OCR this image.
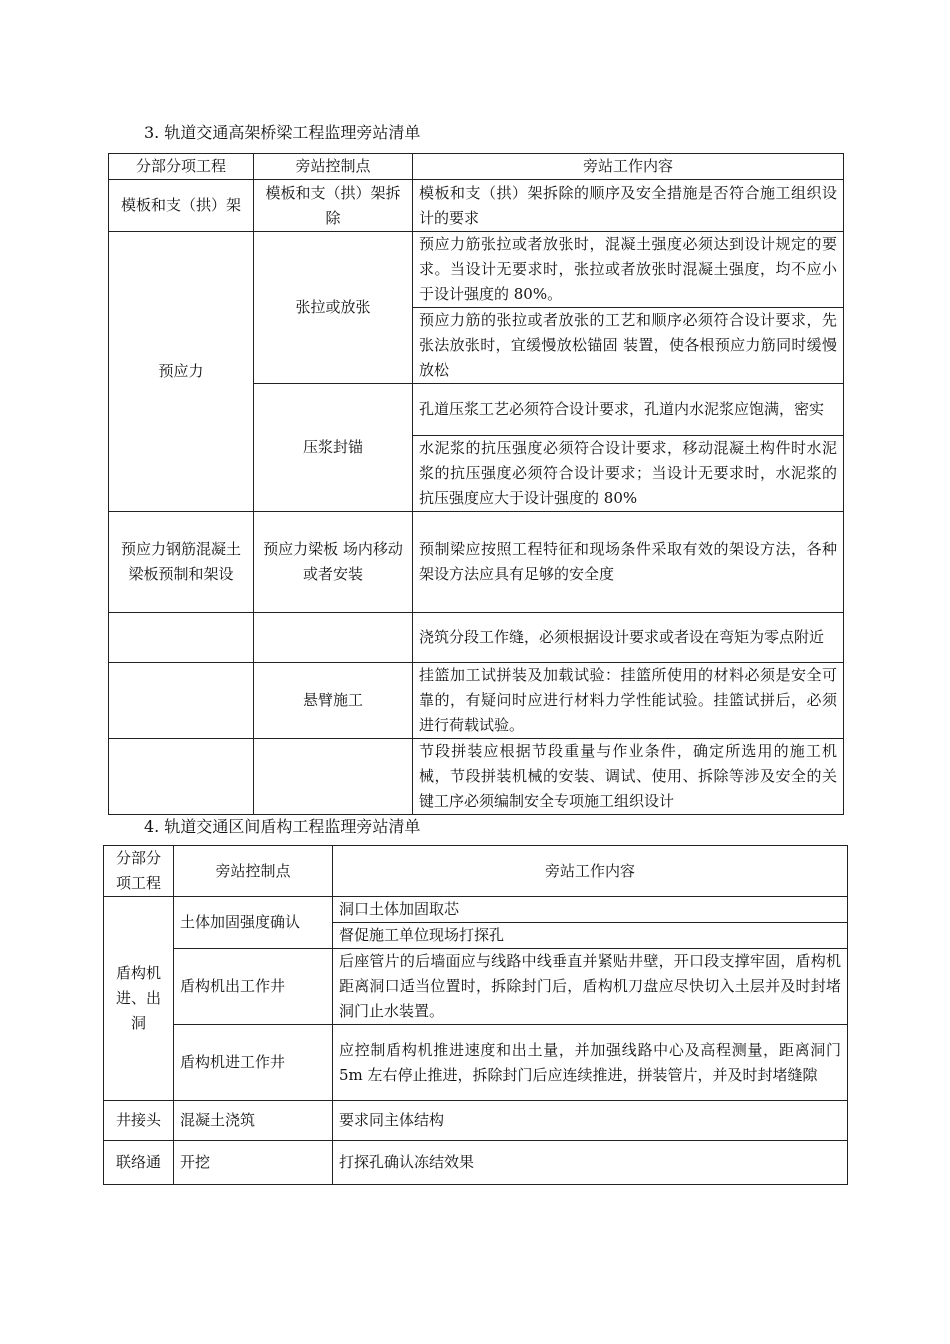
3. 轨道交通高架桥梁工程监理旁站清单
分部分项工程	旁站控制点	旁站工作内容
模板和支（拱）架	模板和支（拱）架拆除	模板和支（拱）架拆除的顺序及安全措施是否符合施工组织设计的要求
预应力	张拉或放张	预应力筋张拉或者放张时，混凝土强度必须达到设计规定的要求。当设计无要求时，张拉或者放张时混凝土强度，均不应小于设计强度的 80%。
		预应力筋的张拉或者放张的工艺和顺序必须符合设计要求，先张法放张时，宜缓慢放松锚固 装置，使各根预应力筋同时缓慢放松
	压浆封锚	孔道压浆工艺必须符合设计要求，孔道内水泥浆应饱满，密实
		水泥浆的抗压强度必须符合设计要求，移动混凝土构件时水泥浆的抗压强度必须符合设计要求；当设计无要求时，水泥浆的抗压强度应大于设计强度的 80%
预应力钢筋混凝土梁板预制和架设	预应力梁板 场内移动或者安装	预制梁应按照工程特征和现场条件采取有效的架设方法，各种架设方法应具有足够的安全度
		浇筑分段工作缝，必须根据设计要求或者设在弯矩为零点附近
	悬臂施工	挂篮加工试拼装及加载试验：挂篮所使用的材料必须是安全可靠的，有疑问时应进行材料力学性能试验。挂篮试拼后，必须进行荷载试验。
		节段拼装应根据节段重量与作业条件，确定所选用的施工机械，节段拼装机械的安装、调试、使用、拆除等涉及安全的关键工序必须编制安全专项施工组织设计
4. 轨道交通区间盾构工程监理旁站清单
分部分项工程	旁站控制点	旁站工作内容
盾构机进、出洞	土体加固强度确认	洞口土体加固取芯
		督促施工单位现场打探孔
	盾构机出工作井	后座管片的后墙面应与线路中线垂直并紧贴井壁，开口段支撑牢固，盾构机距离洞口适当位置时，拆除封门后，盾构机刀盘应尽快切入土层并及时封堵洞门止水装置。
	盾构机进工作井	应控制盾构机推进速度和出土量，并加强线路中心及高程测量，距离洞门 5m 左右停止推进，拆除封门后应连续推进，拼装管片，并及时封堵缝隙
井接头	混凝土浇筑	要求同主体结构
联络通	开挖	打探孔确认冻结效果
